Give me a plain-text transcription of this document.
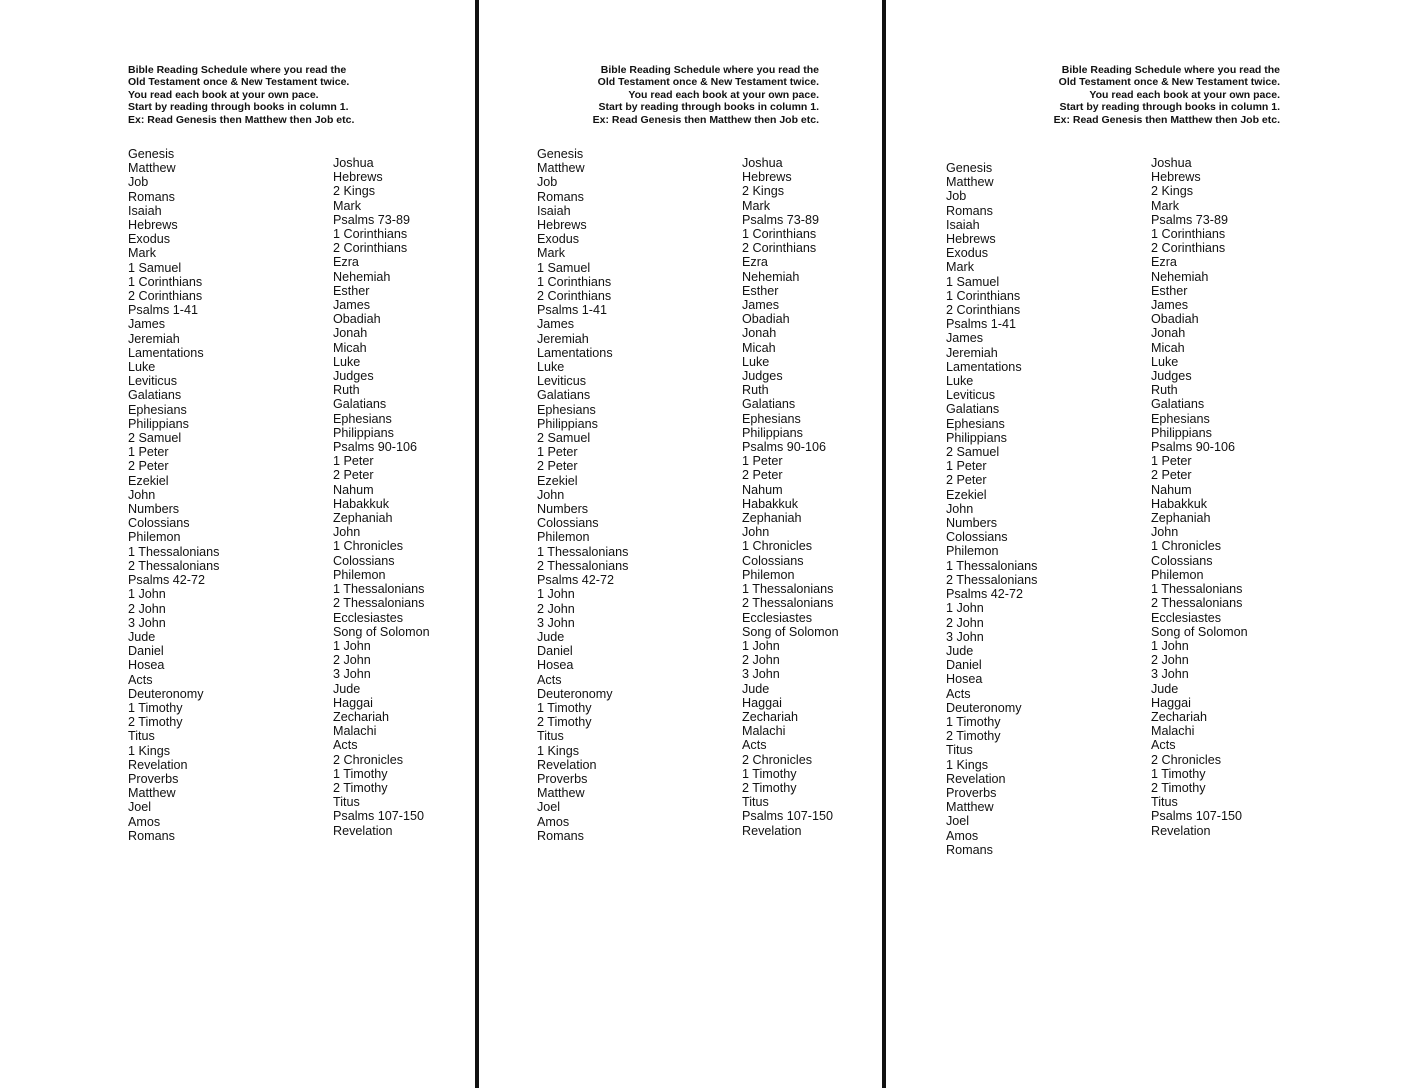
Bible Reading Schedule where you read the
Old Testament once & New Testament twice.
You read each book at your own pace.
Start by reading through books in column 1.
Ex: Read Genesis then Matthew then Job etc.
Genesis
Matthew
Job
Romans
Isaiah
Hebrews
Exodus
Mark
1 Samuel
1 Corinthians
2 Corinthians
Psalms 1-41
James
Jeremiah
Lamentations
Luke
Leviticus
Galatians
Ephesians
Philippians
2 Samuel
1 Peter
2 Peter
Ezekiel
John
Numbers
Colossians
Philemon
1 Thessalonians
2 Thessalonians
Psalms 42-72
1 John
2 John
3 John
Jude
Daniel
Hosea
Acts
Deuteronomy
1 Timothy
2 Timothy
Titus
1 Kings
Revelation
Proverbs
Matthew
Joel
Amos
Romans
Joshua
Hebrews
2 Kings
Mark
Psalms 73-89
1 Corinthians
2 Corinthians
Ezra
Nehemiah
Esther
James
Obadiah
Jonah
Micah
Luke
Judges
Ruth
Galatians
Ephesians
Philippians
Psalms 90-106
1 Peter
2 Peter
Nahum
Habakkuk
Zephaniah
John
1 Chronicles
Colossians
Philemon
1 Thessalonians
2 Thessalonians
Ecclesiastes
Song of Solomon
1 John
2 John
3 John
Jude
Haggai
Zechariah
Malachi
Acts
2 Chronicles
1 Timothy
2 Timothy
Titus
Psalms 107-150
Revelation
Bible Reading Schedule where you read the
Old Testament once & New Testament twice.
You read each book at your own pace.
Start by reading through books in column 1.
Ex: Read Genesis then Matthew then Job etc.
Genesis
Matthew
Job
Romans
Isaiah
Hebrews
Exodus
Mark
1 Samuel
1 Corinthians
2 Corinthians
Psalms 1-41
James
Jeremiah
Lamentations
Luke
Leviticus
Galatians
Ephesians
Philippians
2 Samuel
1 Peter
2 Peter
Ezekiel
John
Numbers
Colossians
Philemon
1 Thessalonians
2 Thessalonians
Psalms 42-72
1 John
2 John
3 John
Jude
Daniel
Hosea
Acts
Deuteronomy
1 Timothy
2 Timothy
Titus
1 Kings
Revelation
Proverbs
Matthew
Joel
Amos
Romans
Joshua
Hebrews
2 Kings
Mark
Psalms 73-89
1 Corinthians
2 Corinthians
Ezra
Nehemiah
Esther
James
Obadiah
Jonah
Micah
Luke
Judges
Ruth
Galatians
Ephesians
Philippians
Psalms 90-106
1 Peter
2 Peter
Nahum
Habakkuk
Zephaniah
John
1 Chronicles
Colossians
Philemon
1 Thessalonians
2 Thessalonians
Ecclesiastes
Song of Solomon
1 John
2 John
3 John
Jude
Haggai
Zechariah
Malachi
Acts
2 Chronicles
1 Timothy
2 Timothy
Titus
Psalms 107-150
Revelation
Bible Reading Schedule where you read the
Old Testament once & New Testament twice.
You read each book at your own pace.
Start by reading through books in column 1.
Ex: Read Genesis then Matthew then Job etc.
Genesis
Matthew
Job
Romans
Isaiah
Hebrews
Exodus
Mark
1 Samuel
1 Corinthians
2 Corinthians
Psalms 1-41
James
Jeremiah
Lamentations
Luke
Leviticus
Galatians
Ephesians
Philippians
2 Samuel
1 Peter
2 Peter
Ezekiel
John
Numbers
Colossians
Philemon
1 Thessalonians
2 Thessalonians
Psalms 42-72
1 John
2 John
3 John
Jude
Daniel
Hosea
Acts
Deuteronomy
1 Timothy
2 Timothy
Titus
1 Kings
Revelation
Proverbs
Matthew
Joel
Amos
Romans
Joshua
Hebrews
2 Kings
Mark
Psalms 73-89
1 Corinthians
2 Corinthians
Ezra
Nehemiah
Esther
James
Obadiah
Jonah
Micah
Luke
Judges
Ruth
Galatians
Ephesians
Philippians
Psalms 90-106
1 Peter
2 Peter
Nahum
Habakkuk
Zephaniah
John
1 Chronicles
Colossians
Philemon
1 Thessalonians
2 Thessalonians
Ecclesiastes
Song of Solomon
1 John
2 John
3 John
Jude
Haggai
Zechariah
Malachi
Acts
2 Chronicles
1 Timothy
2 Timothy
Titus
Psalms 107-150
Revelation
